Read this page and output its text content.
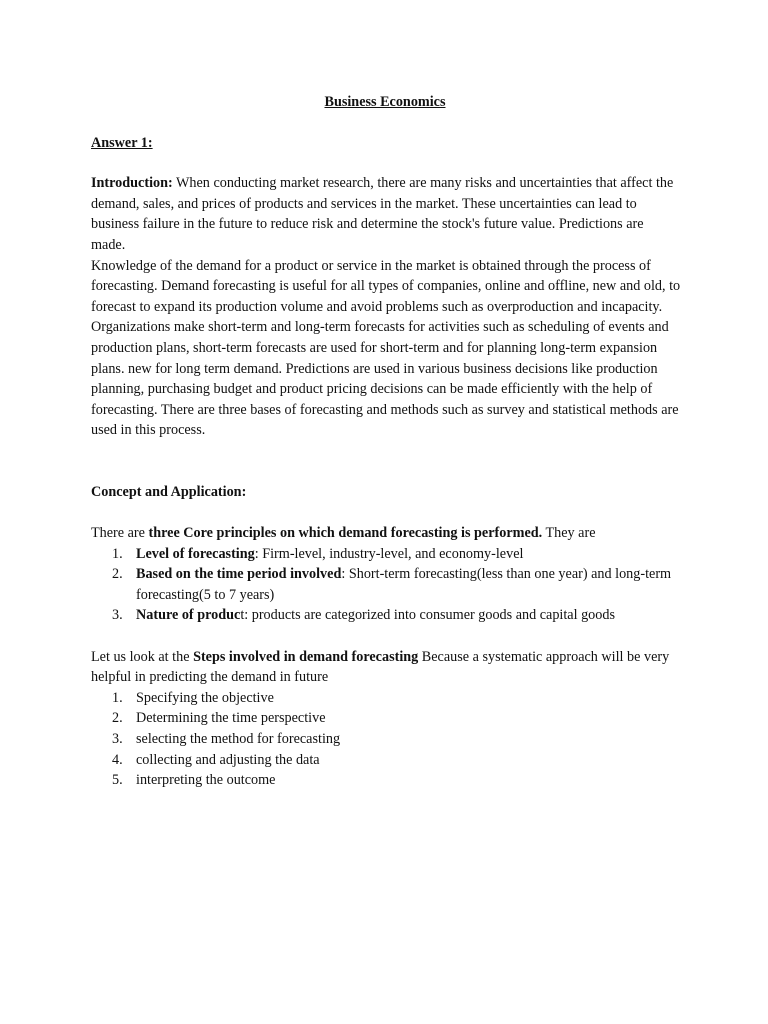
Business Economics
Answer 1:

Introduction: When conducting market research, there are many risks and uncertainties that affect the demand, sales, and prices of products and services in the market. These uncertainties can lead to business failure in the future to reduce risk and determine the stock's future value. Predictions are made.

Knowledge of the demand for a product or service in the market is obtained through the process of forecasting. Demand forecasting is useful for all types of companies, online and offline, new and old, to forecast to expand its production volume and avoid problems such as overproduction and incapacity.

Organizations make short-term and long-term forecasts for activities such as scheduling of events and production plans, short-term forecasts are used for short-term and for planning long-term expansion plans. new for long term demand. Predictions are used in various business decisions like production planning, purchasing budget and product pricing decisions can be made efficiently with the help of forecasting. There are three bases of forecasting and methods such as survey and statistical methods are used in this process.

Concept and Application:

There are three Core principles on which demand forecasting is performed. They are

1. Level of forecasting: Firm-level, industry-level, and economy-level
2. Based on the time period involved: Short-term forecasting(less than one year) and long-term forecasting(5 to 7 years)
3. Nature of product: products are categorized into consumer goods and capital goods

Let us look at the Steps involved in demand forecasting Because a systematic approach will be very helpful in predicting the demand in future

1. Specifying the objective
2. Determining the time perspective
3. selecting the method for forecasting
4. collecting and adjusting the data
5. interpreting the outcome
